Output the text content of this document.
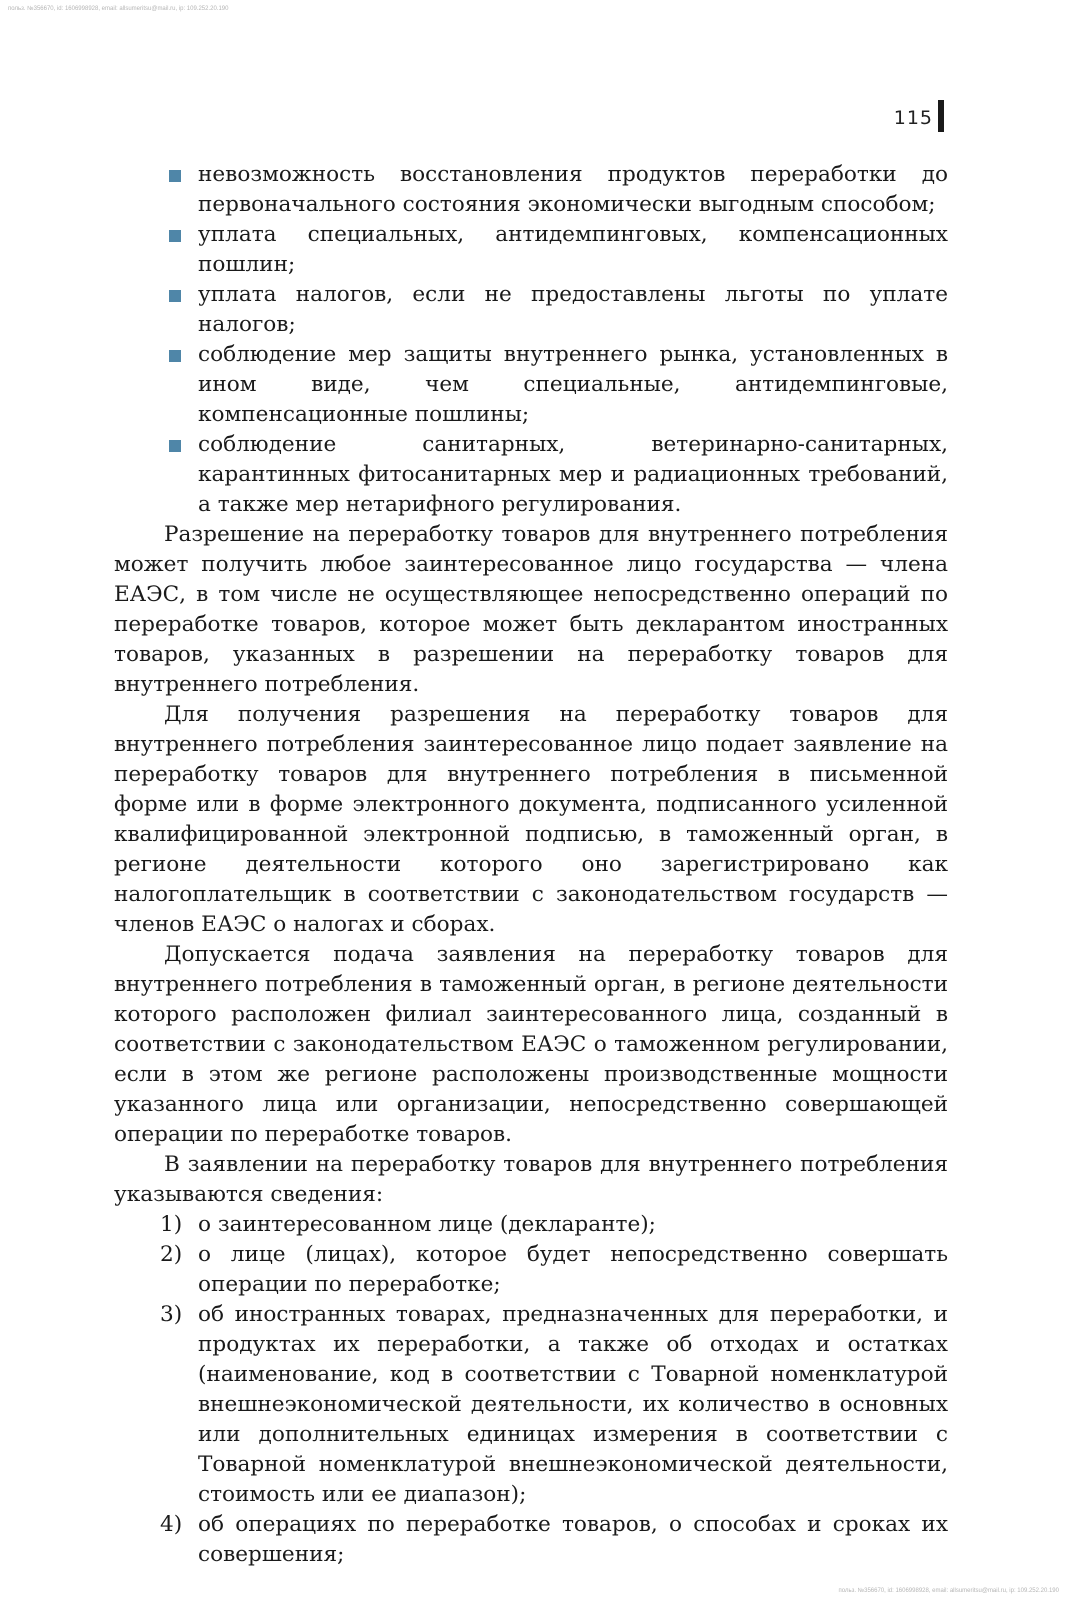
польз. №356670, id: 1606998928, email: allsumeritsu@mail.ru, ip: 109.252.20.190
115
невозможность восстановления продуктов переработки до первоначального состояния экономически выгодным способом;
уплата специальных, антидемпинговых, компенсационных пошлин;
уплата налогов, если не предоставлены льготы по уплате налогов;
соблюдение мер защиты внутреннего рынка, установленных в ином виде, чем специальные, антидемпинговые, компенсационные пошлины;
соблюдение санитарных, ветеринарно-санитарных, карантинных фитосанитарных мер и радиационных требований, а также мер нетарифного регулирования.

Разрешение на переработку товаров для внутреннего потребления может получить любое заинтересованное лицо государства — члена ЕАЭС, в том числе не осуществляющее непосредственно операций по переработке товаров, которое может быть декларантом иностранных товаров, указанных в разрешении на переработку товаров для внутреннего потребления.

Для получения разрешения на переработку товаров для внутреннего потребления заинтересованное лицо подает заявление на переработку товаров для внутреннего потребления в письменной форме или в форме электронного документа, подписанного усиленной квалифицированной электронной подписью, в таможенный орган, в регионе деятельности которого оно зарегистрировано как налогоплательщик в соответствии с законодательством государств — членов ЕАЭС о налогах и сборах.

Допускается подача заявления на переработку товаров для внутреннего потребления в таможенный орган, в регионе деятельности которого расположен филиал заинтересованного лица, созданный в соответствии с законодательством ЕАЭС о таможенном регулировании, если в этом же регионе расположены производственные мощности указанного лица или организации, непосредственно совершающей операции по переработке товаров.

В заявлении на переработку товаров для внутреннего потребления указываются сведения:

1) о заинтересованном лице (декларанте);
2) о лице (лицах), которое будет непосредственно совершать операции по переработке;
3) об иностранных товарах, предназначенных для переработки, и продуктах их переработки, а также об отходах и остатках (наименование, код в соответствии с Товарной номенклатурой внешнеэкономической деятельности, их количество в основных или дополнительных единицах измерения в соответствии с Товарной номенклатурой внешнеэкономической деятельности, стоимость или ее диапазон);
4) об операциях по переработке товаров, о способах и сроках их совершения;
польз. №356670, id: 1606998928, email: allsumeritsu@mail.ru, ip: 109.252.20.190
